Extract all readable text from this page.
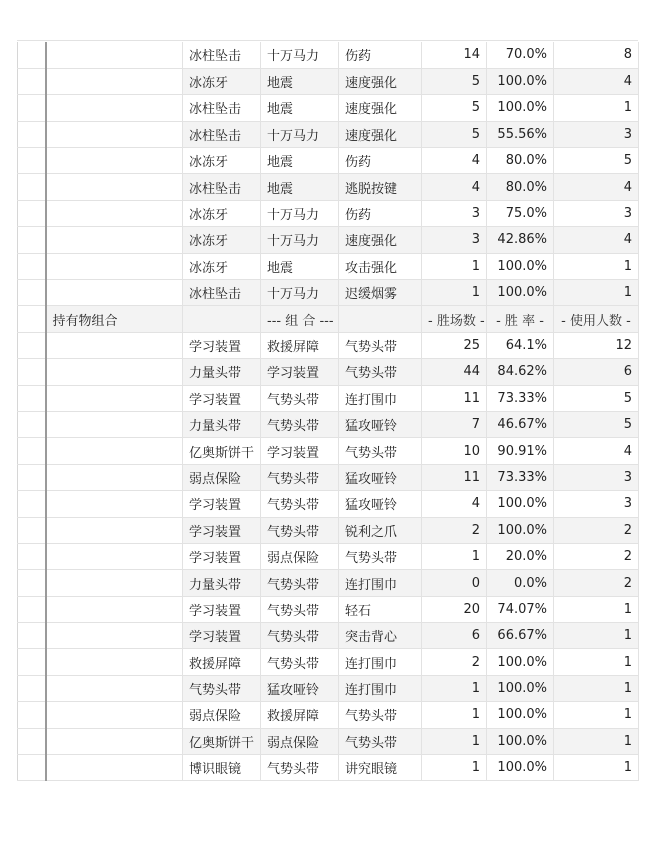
		冰柱坠击	十万马力	伤药	14	70.0%	8
		冰冻牙	地震	速度强化	5	100.0%	4
		冰柱坠击	地震	速度强化	5	100.0%	1
		冰柱坠击	十万马力	速度强化	5	55.56%	3
		冰冻牙	地震	伤药	4	80.0%	5
		冰柱坠击	地震	逃脱按键	4	80.0%	4
		冰冻牙	十万马力	伤药	3	75.0%	3
		冰冻牙	十万马力	速度强化	3	42.86%	4
		冰冻牙	地震	攻击强化	1	100.0%	1
		冰柱坠击	十万马力	迟缓烟雾	1	100.0%	1
	持有物组合		--- 组 合 ---		- 胜场数 -	- 胜 率 -	- 使用人数 -
		学习装置	救援屏障	气势头带	25	64.1%	12
		力量头带	学习装置	气势头带	44	84.62%	6
		学习装置	气势头带	连打围巾	11	73.33%	5
		力量头带	气势头带	猛攻哑铃	7	46.67%	5
		亿奥斯饼干	学习装置	气势头带	10	90.91%	4
		弱点保险	气势头带	猛攻哑铃	11	73.33%	3
		学习装置	气势头带	猛攻哑铃	4	100.0%	3
		学习装置	气势头带	锐利之爪	2	100.0%	2
		学习装置	弱点保险	气势头带	1	20.0%	2
		力量头带	气势头带	连打围巾	0	0.0%	2
		学习装置	气势头带	轻石	20	74.07%	1
		学习装置	气势头带	突击背心	6	66.67%	1
		救援屏障	气势头带	连打围巾	2	100.0%	1
		气势头带	猛攻哑铃	连打围巾	1	100.0%	1
		弱点保险	救援屏障	气势头带	1	100.0%	1
		亿奥斯饼干	弱点保险	气势头带	1	100.0%	1
		博识眼镜	气势头带	讲究眼镜	1	100.0%	1
